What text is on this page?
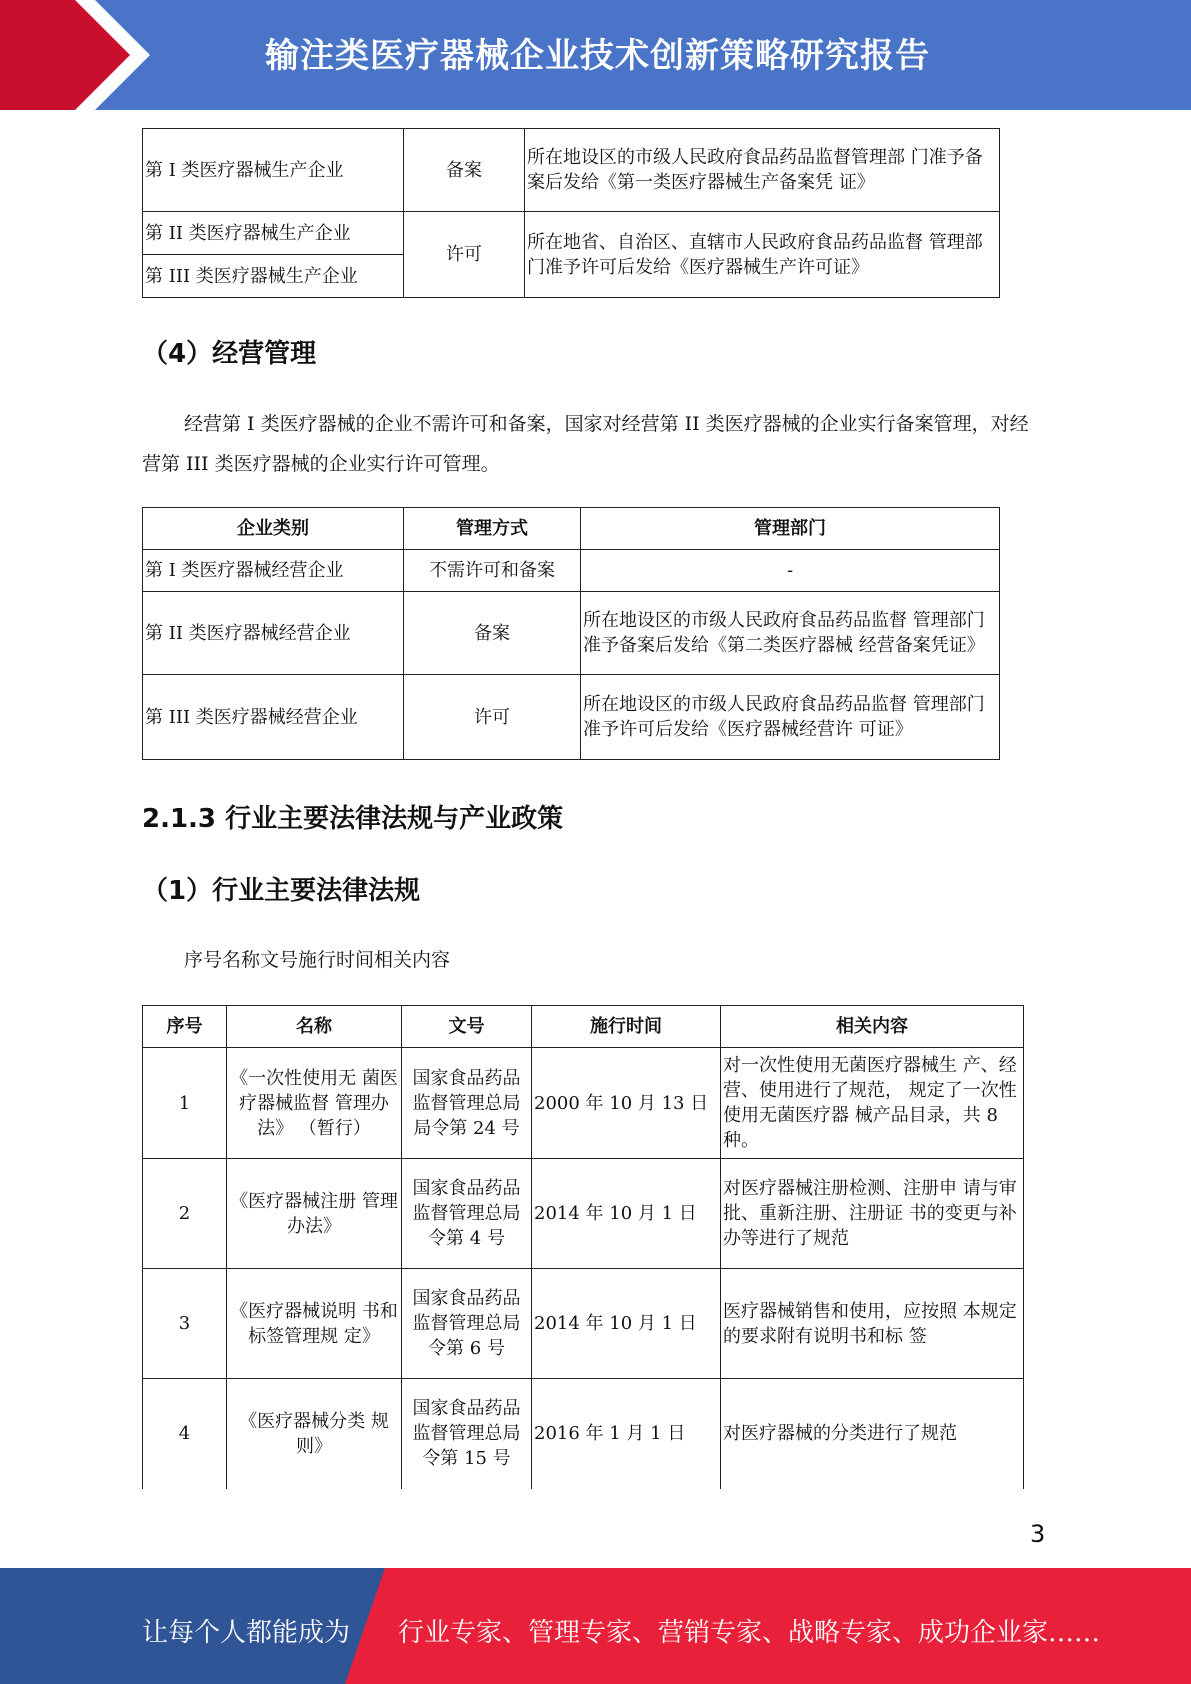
输注类医疗器械企业技术创新策略研究报告
第 I 类医疗器械生产企业	备案	所在地设区的市级人民政府食品药品监督管理部 门准予备案后发给《第一类医疗器械生产备案凭 证》
第 II 类医疗器械生产企业	许可	所在地省、自治区、直辖市人民政府食品药品监督 管理部门准予许可后发给《医疗器械生产许可证》
第 III 类医疗器械生产企业		
（4）经营管理

经营第 I 类医疗器械的企业不需许可和备案，国家对经营第 II 类医疗器械的企业实行备案管理，对经营第 III 类医疗器械的企业实行许可管理。

企业类别	管理方式	管理部门
第 I 类医疗器械经营企业	不需许可和备案	-
第 II 类医疗器械经营企业	备案	所在地设区的市级人民政府食品药品监督 管理部门准予备案后发给《第二类医疗器械 经营备案凭证》
第 III 类医疗器械经营企业	许可	所在地设区的市级人民政府食品药品监督 管理部门准予许可后发给《医疗器械经营许 可证》
2.1.3 行业主要法律法规与产业政策
（1）行业主要法律法规

序号名称文号施行时间相关内容

序号	名称	文号	施行时间	相关内容
1	《一次性使用无 菌医疗器械监督 管理办法》 （暂行）	国家食品药品监督管理总局局令第 24 号	2000 年 10 月 13 日	对一次性使用无菌医疗器械生 产、经营、使用进行了规范， 规定了一次性使用无菌医疗器 械产品目录，共 8 种。
2	《医疗器械注册 管理办法》	国家食品药品监督管理总局令第 4 号	2014 年 10 月 1 日	对医疗器械注册检测、注册申 请与审批、重新注册、注册证 书的变更与补办等进行了规范
3	《医疗器械说明 书和标签管理规 定》	国家食品药品监督管理总局令第 6 号	2014 年 10 月 1 日	医疗器械销售和使用，应按照 本规定的要求附有说明书和标 签
4	《医疗器械分类 规则》	国家食品药品监督管理总局令第 15 号	2016 年 1 月 1 日	对医疗器械的分类进行了规范
3
让每个人都能成为 行业专家、管理专家、营销专家、战略专家、成功企业家……
